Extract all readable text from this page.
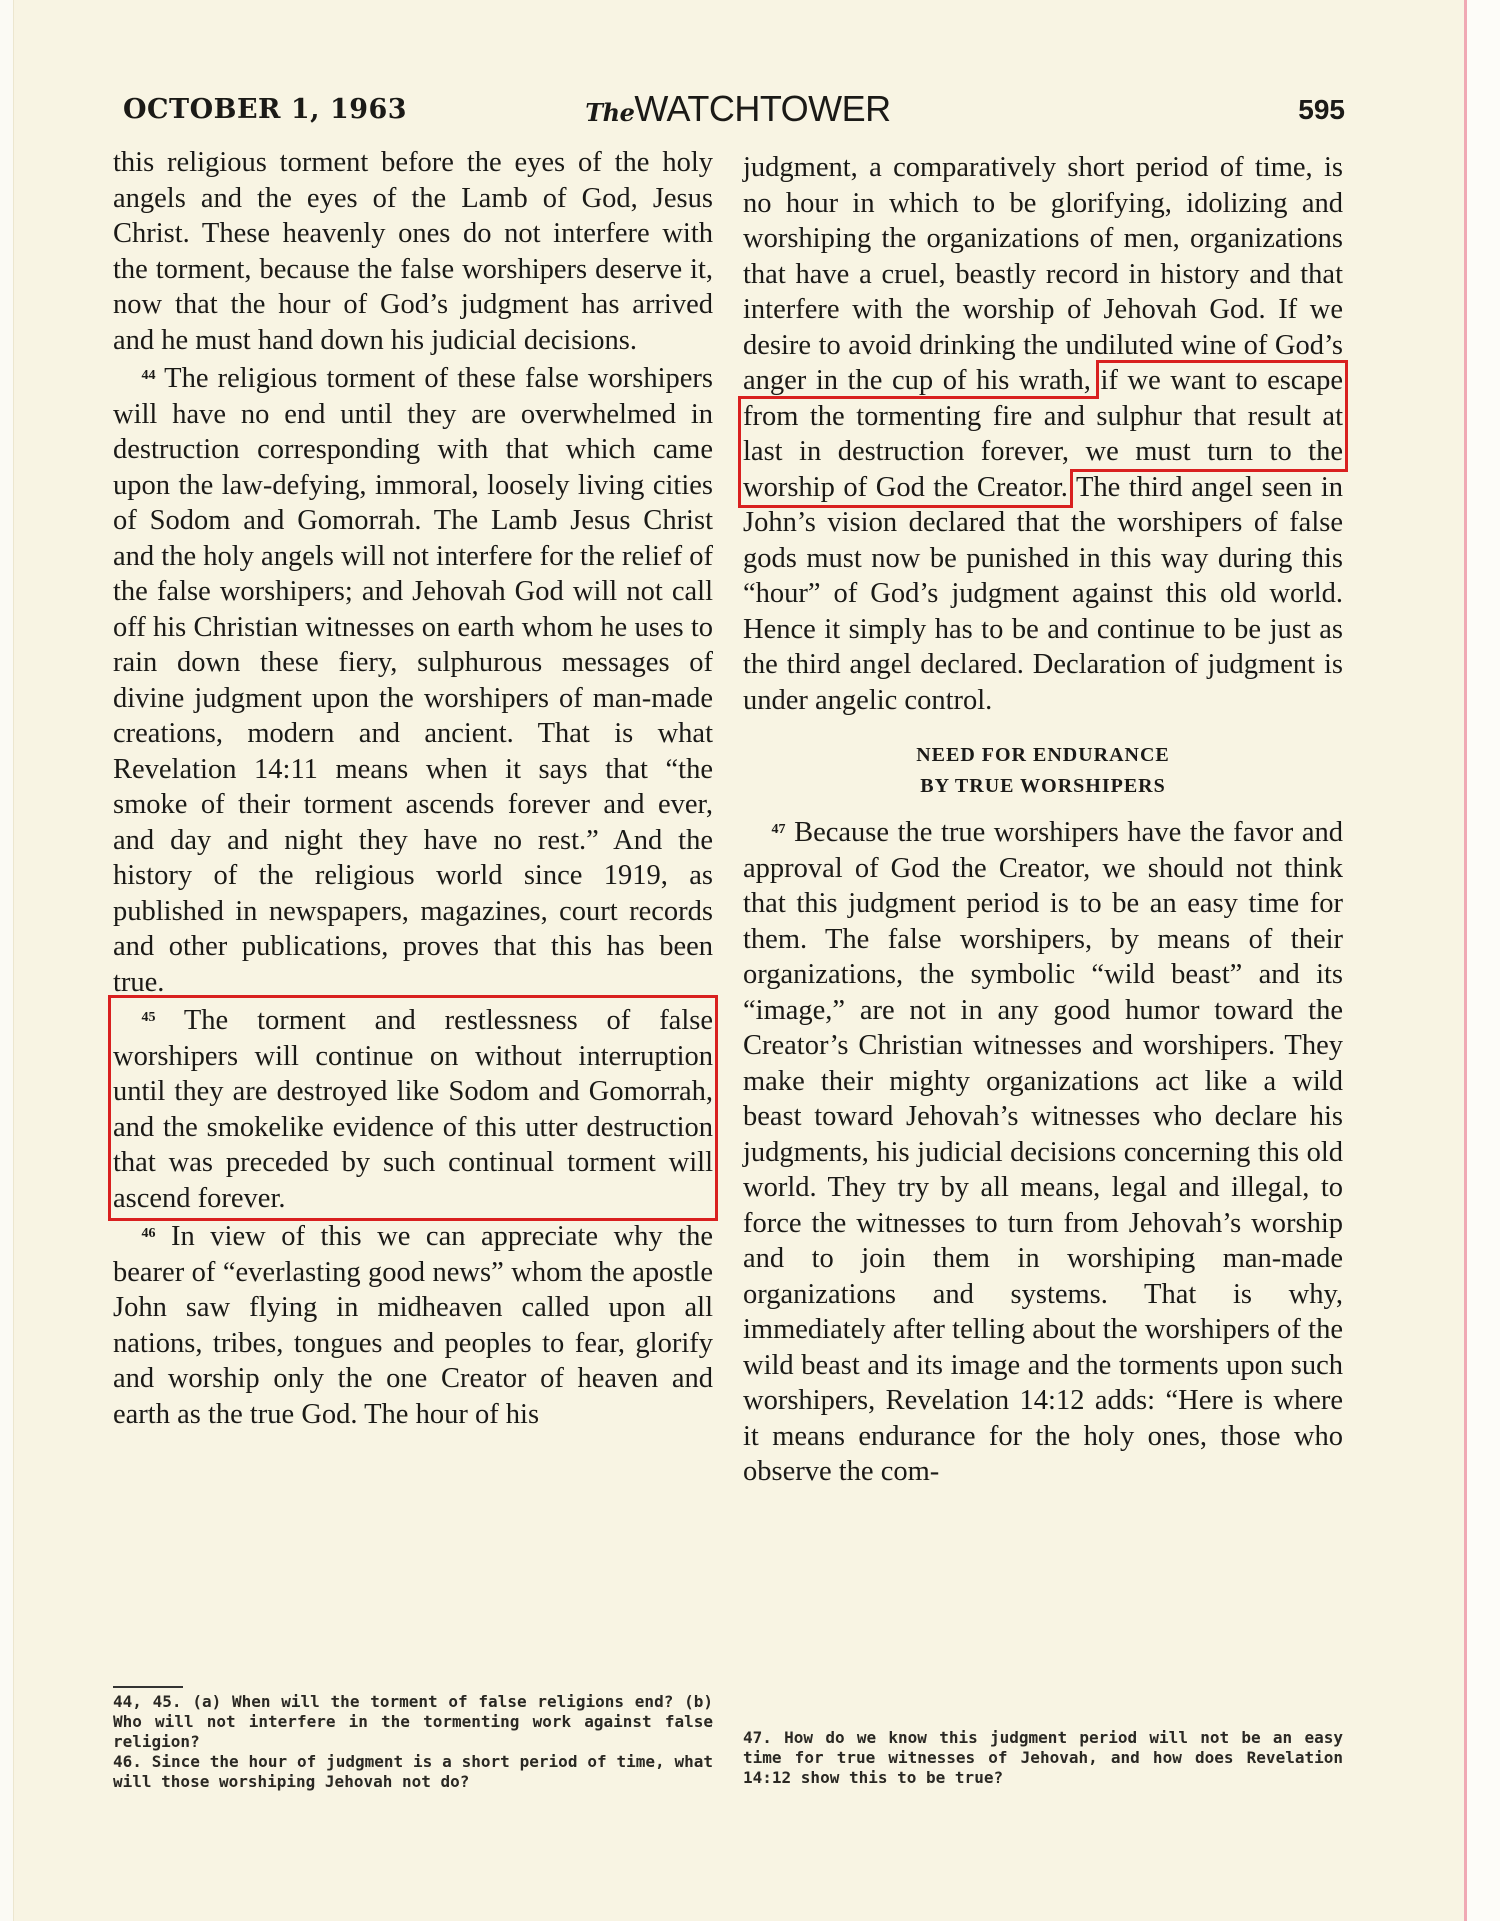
OCTOBER 1, 1963	TheWATCHTOWER	595

this religious torment before the eyes of the holy angels and the eyes of the Lamb of God, Jesus Christ. These heavenly ones do not interfere with the torment, because the false worshipers deserve it, now that the hour of God’s judgment has arrived and he must hand down his judicial decisions.

 $^{44}$ The religious torment of these false worshipers will have no end until they are overwhelmed in destruction corresponding with that which came upon the law-defying, immoral, loosely living cities of Sodom and Gomorrah. The Lamb Jesus Christ and the holy angels will not interfere for the relief of the false worshipers; and Jehovah God will not call off his Christian witnesses on earth whom he uses to rain down these fiery, sulphurous messages of divine judgment upon the worshipers of man-made creations, modern and ancient. That is what Revelation 14:11 means when it says that “the smoke of their torment ascends forever and ever, and day and night they have no rest.” And the history of the religious world since 1919, as published in newspapers, magazines, court records and other publications, proves that this has been true.

 $^{45}$ The torment and restlessness of false worshipers will continue on without interruption until they are destroyed like Sodom and Gomorrah, and the smokelike evidence of this utter destruction that was preceded by such continual torment will ascend forever.

 $^{46}$ In view of this we can appreciate why the bearer of “everlasting good news” whom the apostle John saw flying in midheaven called upon all nations, tribes, tongues and peoples to fear, glorify and worship only the one Creator of heaven and earth as the true God. The hour of his

judgment, a comparatively short period of time, is no hour in which to be glorifying, idolizing and worshiping the organizations of men, organizations that have a cruel, beastly record in history and that interfere with the worship of Jehovah God. If we desire to avoid drinking the undiluted wine of God’s anger in the cup of his wrath, if we want to escape from the tormenting fire and sulphur that result at last in destruction forever, we must turn to the worship of God the Creator. The third angel seen in John’s vision declared that the worshipers of false gods must now be punished in this way during this “hour” of God’s judgment against this old world. Hence it simply has to be and continue to be just as the third angel declared. Declaration of judgment is under angelic control.

NEED FOR ENDURANCE
BY TRUE WORSHIPERS

 $^{47}$ Because the true worshipers have the favor and approval of God the Creator, we should not think that this judgment period is to be an easy time for them. The false worshipers, by means of their organizations, the symbolic “wild beast” and its “image,” are not in any good humor toward the Creator’s Christian witnesses and worshipers. They make their mighty organizations act like a wild beast toward Jehovah’s witnesses who declare his judgments, his judicial decisions concerning this old world. They try by all means, legal and illegal, to force the witnesses to turn from Jehovah’s worship and to join them in worshiping man-made organizations and systems. That is why, immediately after telling about the worshipers of the wild beast and its image and the torments upon such worshipers, Revelation 14:12 adds: “Here is where it means endurance for the holy ones, those who observe the com-

44, 45. (a) When will the torment of false religions end? (b) Who will not interfere in the tormenting work against false religion?

46. Since the hour of judgment is a short period of time, what will those worshiping Jehovah not do?

47. How do we know this judgment period will not be an easy time for true witnesses of Jehovah, and how does Revelation 14:12 show this to be true?
